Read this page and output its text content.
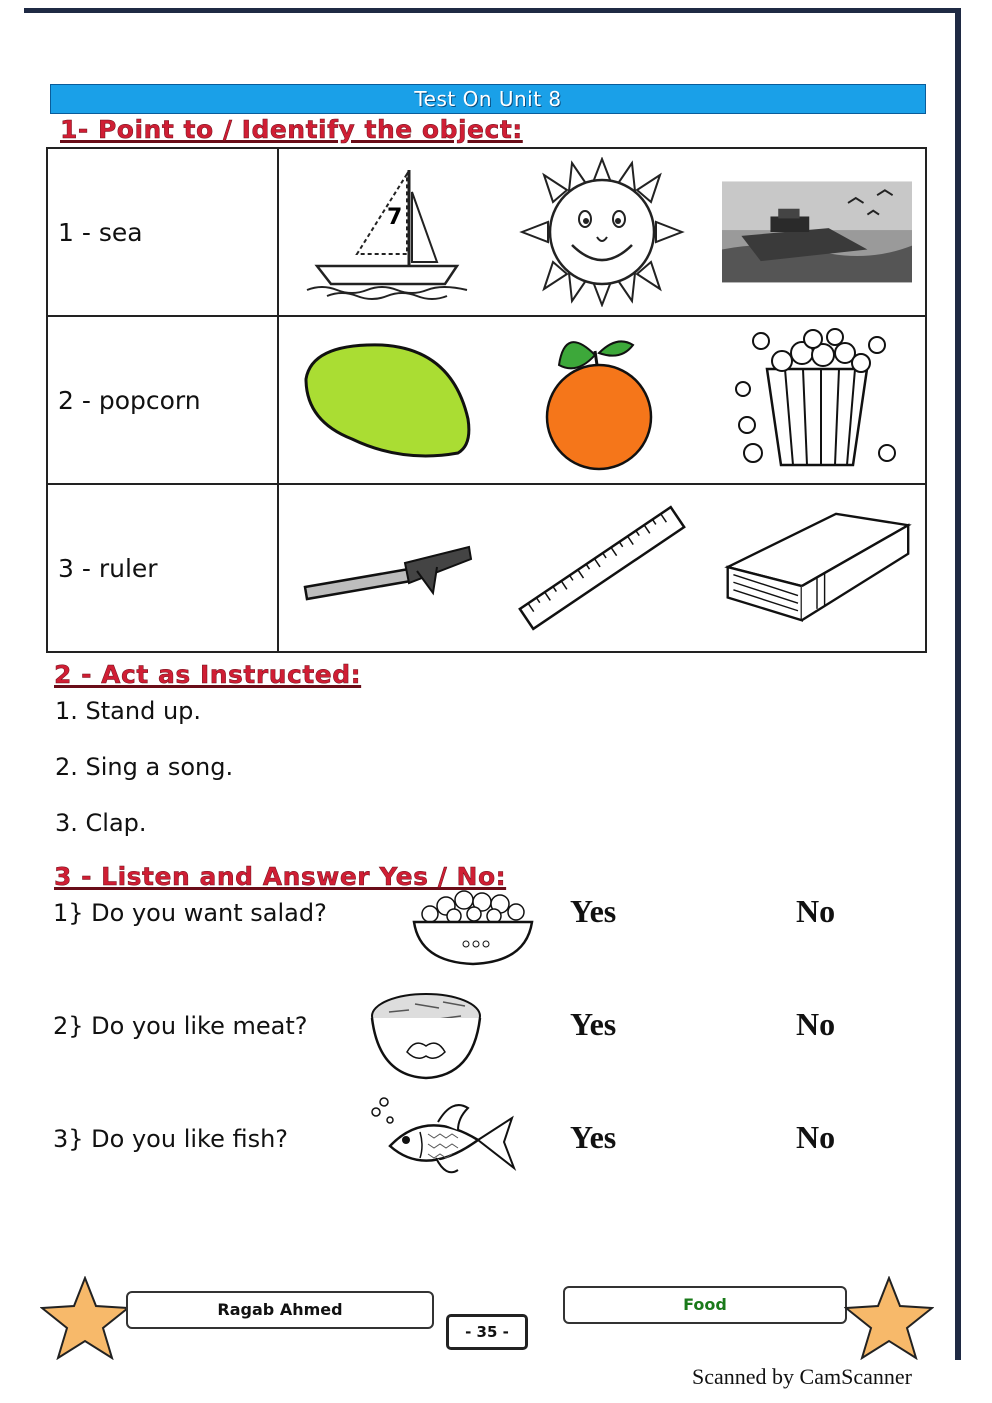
Test On Unit 8
1- Point to / Identify the object:
1 - sea	7

2 - popcorn	

3 - ruler	
2 - Act as Instructed:
1. Stand up.
2. Sing a song.
3. Clap.
3 - Listen and Answer Yes / No:
1} Do you want salad?	Yes	No
2} Do you like meat?	Yes	No
3} Do you like fish?	Yes	No
Ragab Ahmed
- 35 -
Food
Scanned by CamScanner
